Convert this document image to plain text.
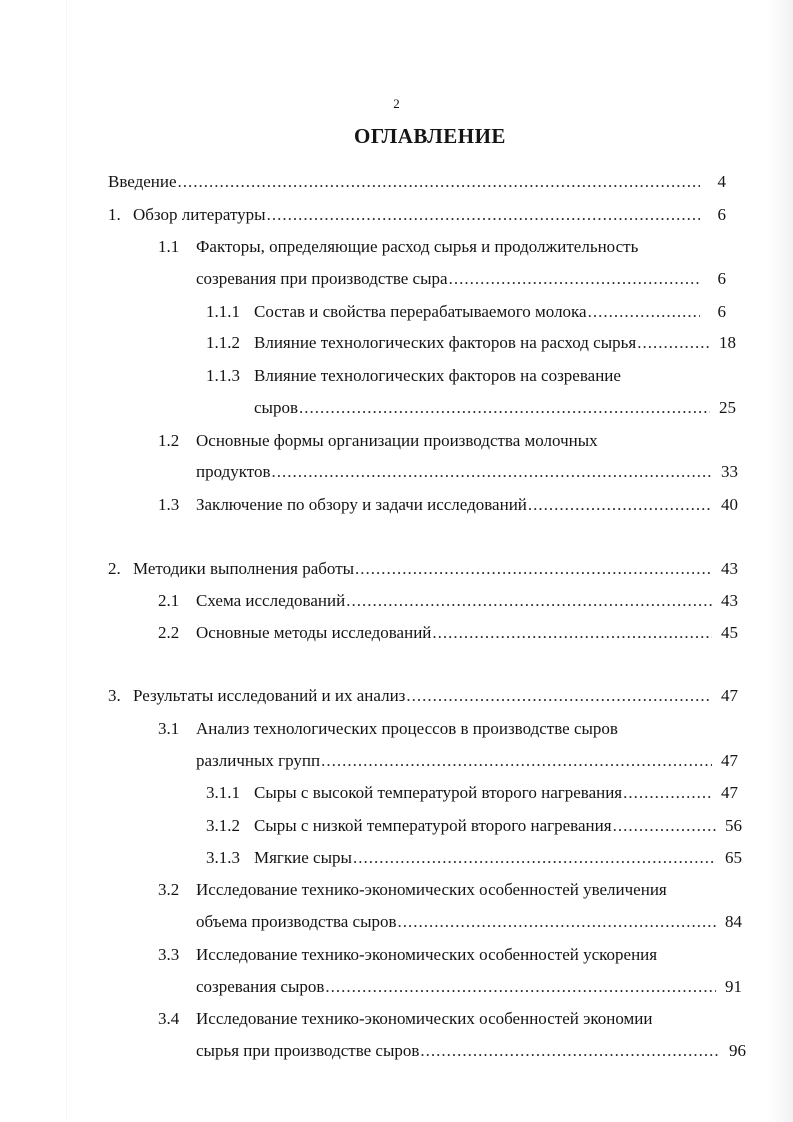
2
ОГЛАВЛЕНИЕ
Введение .....	4
1. Обзор литературы .....	6
1.1 Факторы, определяющие расход сырья и продолжительность
созревания при производстве сыра .....	6
1.1.1 Состав и свойства перерабатываемого молока .....	6
1.1.2 Влияние технологических факторов на расход сырья .....	18
1.1.3 Влияние технологических факторов на созревание
сыров .....	25
1.2 Основные формы организации производства молочных
продуктов .....	33
1.3 Заключение по обзору и задачи исследований .....	40
2. Методики выполнения работы .....	43
2.1 Схема исследований .....	43
2.2 Основные методы исследований .....	45
3. Результаты исследований и их анализ .....	47
3.1 Анализ технологических процессов в производстве сыров
различных групп .....	47
3.1.1 Сыры с высокой температурой второго нагревания .....	47
3.1.2 Сыры с низкой температурой второго нагревания .....	56
3.1.3 Мягкие сыры .....	65
3.2 Исследование технико-экономических особенностей увеличения
объема производства сыров .....	84
3.3 Исследование технико-экономических особенностей ускорения
созревания сыров .....	91
3.4 Исследование технико-экономических особенностей экономии
сырья при производстве сыров .....	96
